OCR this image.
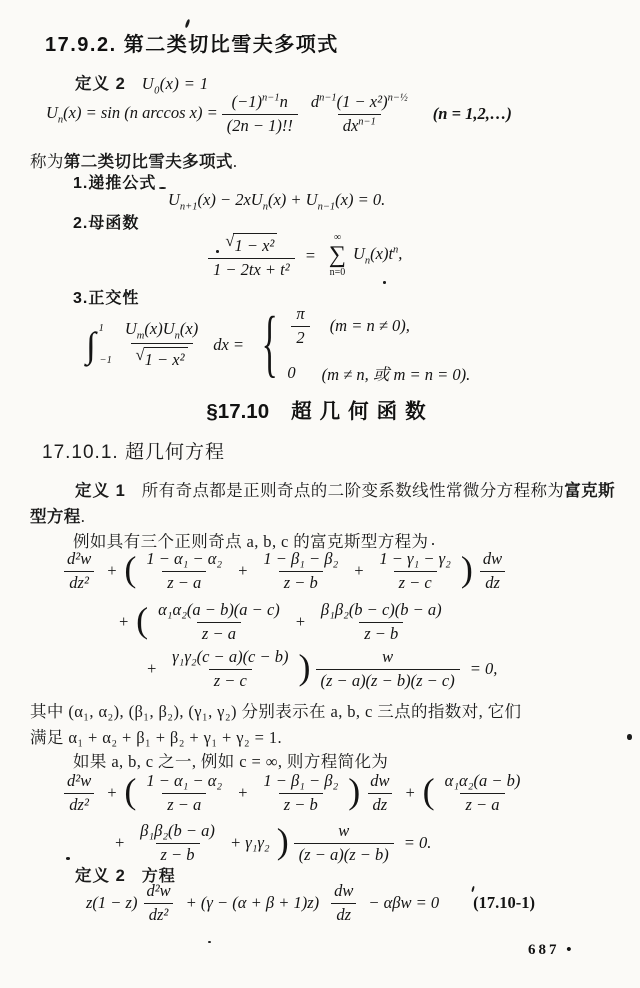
17.9.2. 第二类切比雪夫多项式
定义 2 $U_0(x) = 1$
$U_n(x) = \sin (n$ $\arccos x) = \frac{(-1)^{n-1}n}{(2n - 1)!!} d^{n-1}(1 - x^2)^{n-\frac{1}{2}}$
$dx^{n-1}$	(n = 1,2,…)
称为第二类切比雪夫多项式.
1.递推公式
$U_{n+1}(x) - 2xU_n(x) + U_{n-1}(x) = 0$.
2.母函数
$\frac{\text{√ 1 − x²}}{\text{1 − 2tx + t²}}$ =
∞
∑
n=0
$U_n(x)t^n$,
3.正交性
∫ 1
$-1 \frac{U_m(x)U_n(x)}{\text{√ 1 − x²}}$ dx = { $\frac{\pi}{2} (m = n \ne 0)$,
0 (m ≠ n, 或 m = n = 0).
§17.10 超几何函数
17.10.1. 超几何方程
定义 1 所有奇点都是正则奇点的二阶变系数线性常微分方程称为富克斯
型方程.
例如具有三个正则奇点 a, b, c 的富克斯型方程为
$\frac{\text{d²w}}{\text{dz²}}$ + ( $\frac{\text{1 − α₁ − α₂}}{z - a} + \frac{\text{1 − β₁ − β₂}}{z - b} + \frac{\text{1 − γ₁ − γ₂}}{z - c}$ ) $\frac{dw}{dz}$
+ ( $\frac{\text{α₁α₂(a − b)(a − c)}}{z - a} + \frac{\text{β₁β₂(b − c)(b − a)}}{z - b}$
+ $\frac{\text{γ₁γ₂(c − a)(c − b)}}{z - c}$ ) $\frac{w}{(z - a)(z - b)(z - c)} = 0$,
其中 (α₁, α₂), (β₁, β₂), (γ₁, γ₂) 分别表示在 a, b, c 三点的指数对, 它们
满足 α₁ + α₂ + β₁ + β₂ + γ₁ + γ₂ = 1.
如果 a, b, c 之一, 例如 c = ∞, 则方程简化为
$\frac{\text{d²w}}{\text{dz²}}$ + ( $\frac{\text{1 − α₁ − α₂}}{z - a} + \frac{\text{1 − β₁ − β₂}}{z - b}$ ) $\frac{dw}{dz}$ + ( $\frac{\text{α₁α₂(a − b)}}{z - a}$
+ $\frac{\text{β₁β₂(b − a)}}{z - b} + \gamma_1\gamma_2$ ) $\frac{w}{(z - a)(z - b)} = 0$.
定义 2 方程
$z(1 - z) \frac{\text{d²w}}{\text{dz²}} + (\gamma - (\alpha + \beta + 1)z) \frac{dw}{dz} - \alpha\beta w = 0$ (17.10-1)
687 •
